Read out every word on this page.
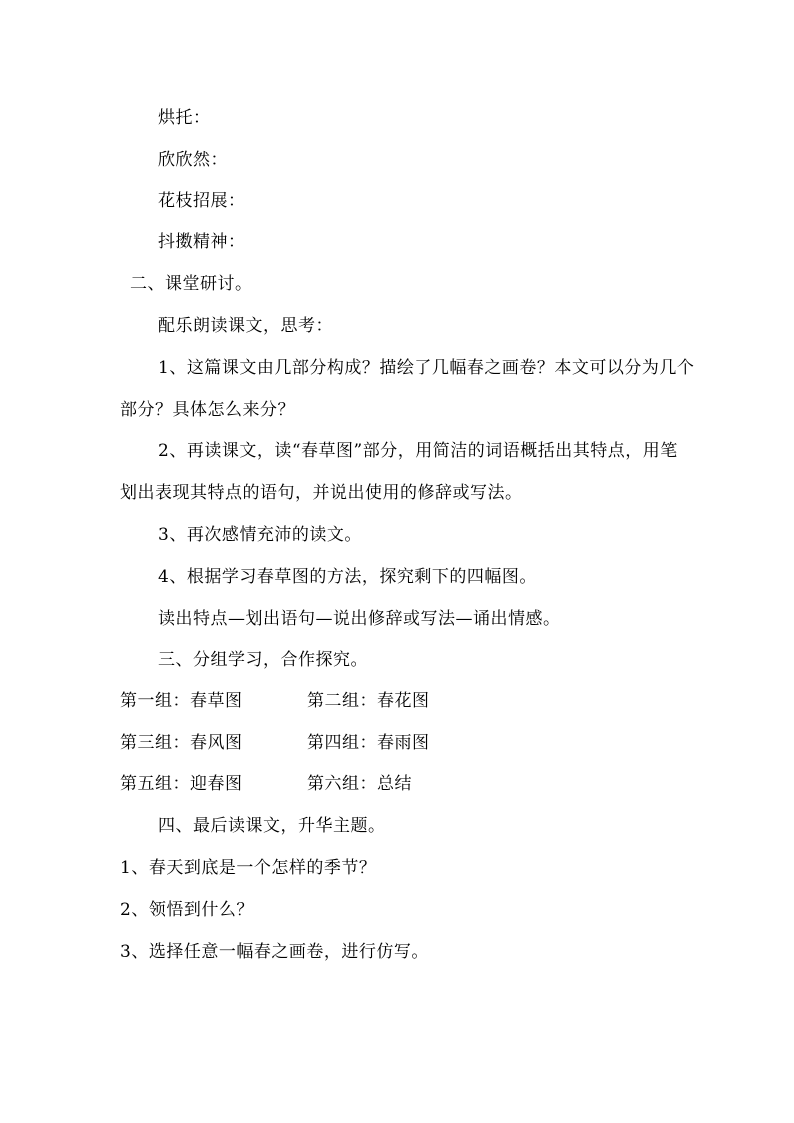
烘托：
欣欣然：
花枝招展：
抖擞精神：
二、课堂研讨。
配乐朗读课文，思考：
1、这篇课文由几部分构成？描绘了几幅春之画卷？本文可以分为几个
部分？具体怎么来分？
2、再读课文，读“春草图”部分，用简洁的词语概括出其特点，用笔
划出表现其特点的语句，并说出使用的修辞或写法。
3、再次感情充沛的读文。
4、根据学习春草图的方法，探究剩下的四幅图。
读出特点—划出语句—说出修辞或写法—诵出情感。
三、分组学习，合作探究。
第一组：春草图	第二组：春花图
第三组：春风图	第四组：春雨图
第五组：迎春图	第六组：总结
四、最后读课文，升华主题。
1、春天到底是一个怎样的季节？
2、领悟到什么？
3、选择任意一幅春之画卷，进行仿写。
